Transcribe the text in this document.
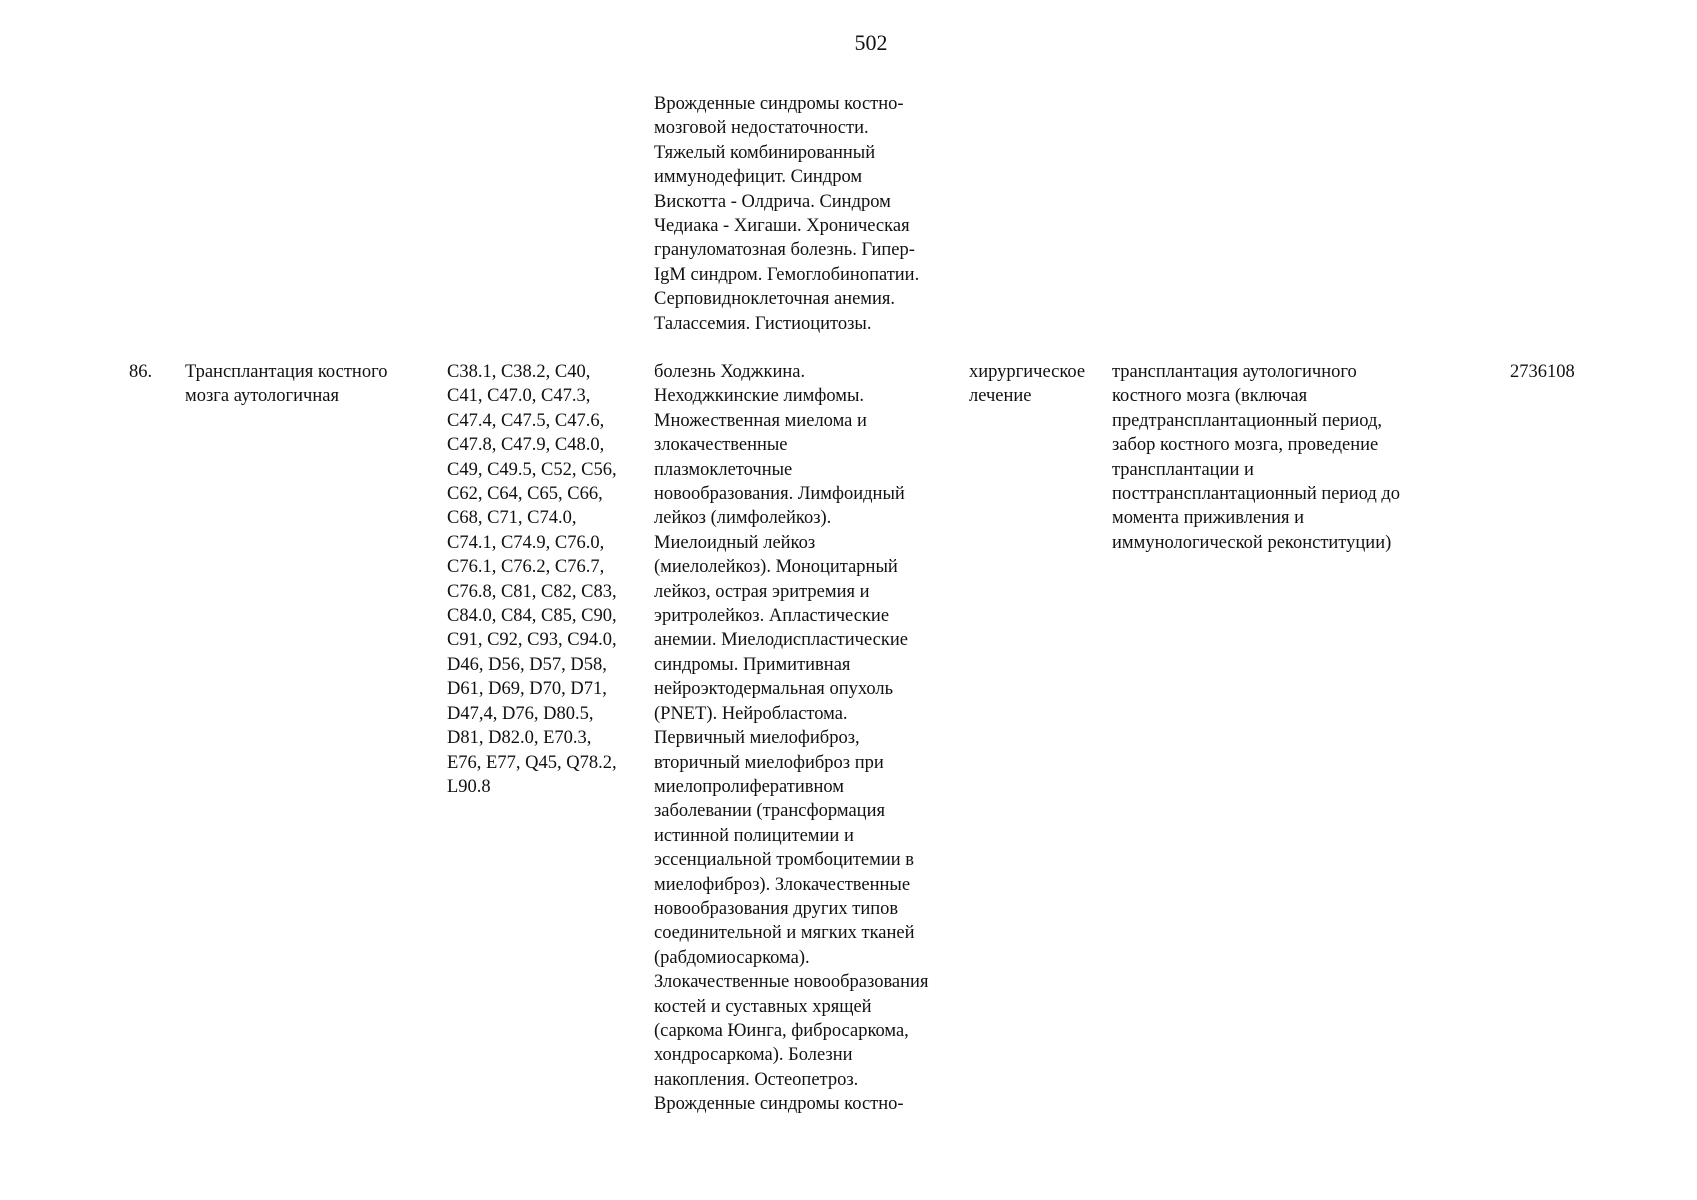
502
Врожденные синдромы костно-
мозговой недостаточности.
Тяжелый комбинированный
иммунодефицит. Синдром
Вискотта - Олдрича. Синдром
Чедиака - Хигаши. Хроническая
грануломатозная болезнь. Гипер-
IgM синдром. Гемоглобинопатии.
Серповидноклеточная анемия.
Талассемия. Гистиоцитозы.
86.	Трансплантация костного
мозга аутологичная
C38.1, C38.2, C40,
C41, C47.0, C47.3,
C47.4, C47.5, C47.6,
C47.8, C47.9, C48.0,
C49, C49.5, C52, C56,
C62, C64, C65, C66,
C68, C71, C74.0,
C74.1, C74.9, C76.0,
C76.1, C76.2, C76.7,
C76.8, C81, C82, C83,
C84.0, C84, C85, C90,
C91, C92, C93, C94.0,
D46, D56, D57, D58,
D61, D69, D70, D71,
D47,4, D76, D80.5,
D81, D82.0, E70.3,
E76, E77, Q45, Q78.2,
L90.8
болезнь Ходжкина.
Неходжкинские лимфомы.
Множественная миелома и
злокачественные
плазмоклеточные
новообразования. Лимфоидный
лейкоз (лимфолейкоз).
Миелоидный лейкоз
(миелолейкоз). Моноцитарный
лейкоз, острая эритремия и
эритролейкоз. Апластические
анемии. Миелодиспластические
синдромы. Примитивная
нейроэктодермальная опухоль
(PNET). Нейробластома.
Первичный миелофиброз,
вторичный миелофиброз при
миелопролиферативном
заболевании (трансформация
истинной полицитемии и
эссенциальной тромбоцитемии в
миелофиброз). Злокачественные
новообразования других типов
соединительной и мягких тканей
(рабдомиосаркома).
Злокачественные новообразования
костей и суставных хрящей
(саркома Юинга, фибросаркома,
хондросаркома). Болезни
накопления. Остеопетроз.
Врожденные синдромы костно-
хирургическое
лечение
трансплантация аутологичного
костного мозга (включая
предтрансплантационный период,
забор костного мозга, проведение
трансплантации и
посттрансплантационный период до
момента приживления и
иммунологической реконституции)
2736108
